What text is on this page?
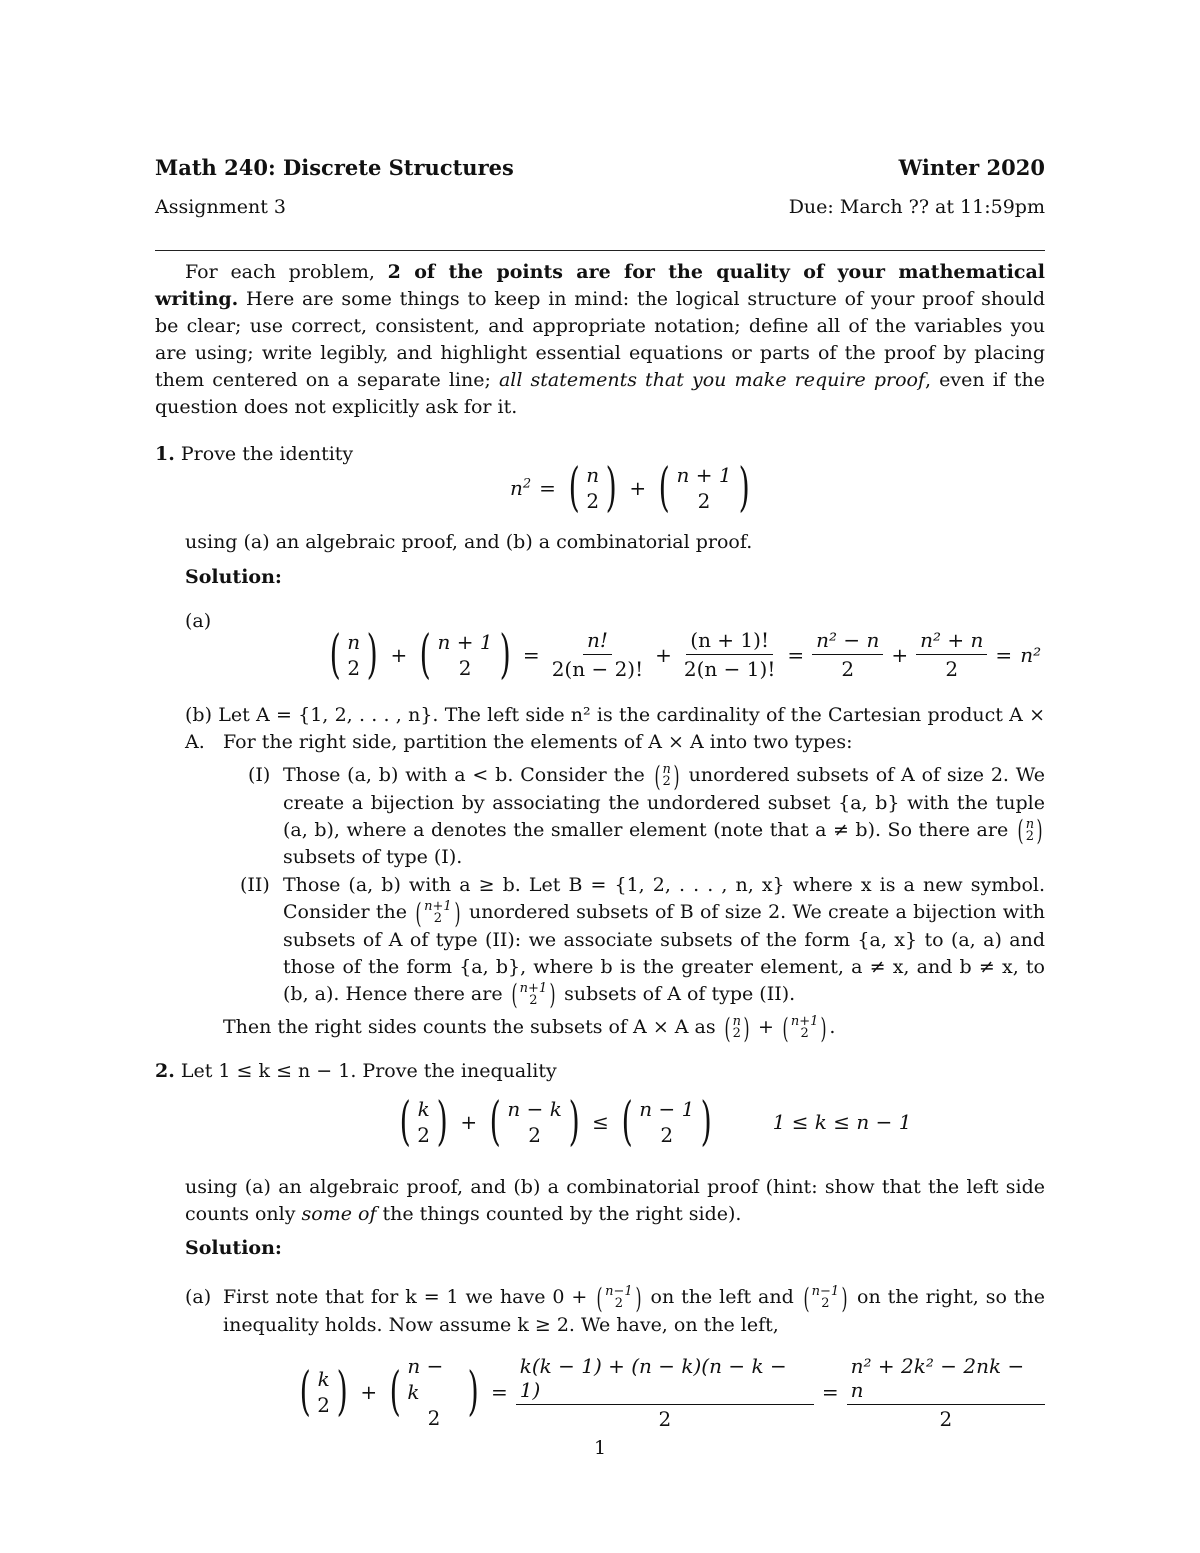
Math 240: Discrete Structures	Winter 2020
Assignment 3	Due: March ?? at 11:59pm
For each problem, 2 of the points are for the quality of your mathematical writing. Here are some things to keep in mind: the logical structure of your proof should be clear; use correct, consistent, and appropriate notation; define all of the variables you are using; write legibly, and highlight essential equations or parts of the proof by placing them centered on a separate line; all statements that you make require proof, even if the question does not explicitly ask for it.
1. Prove the identity
$n^2$ = ( n
2 ) + ( n + 1
2 )
using (a) an algebraic proof, and (b) a combinatorial proof.
Solution:
(a)
( n
2 ) + ( n + 1
2 ) = $\frac{n!}{2(n - 2)!} + \frac{(n + 1)!}{2(n - 1)!} = \frac{\text{n² − n}}{2} + \frac{\text{n² + n}}{2} = n^2$
(b) Let A = {1, 2, . . . , n}. The left side n² is the cardinality of the Cartesian product A × A. For the right side, partition the elements of A × A into two types:
(I) Those (a, b) with a < b. Consider the ( n
2 ) unordered subsets of A of size 2. We create a bijection by associating the undordered subset {a, b} with the tuple (a, b), where a denotes the smaller element (note that a ≠ b). So there are ( n
2 )
subsets of type (I).
(II) Those (a, b) with a ≥ b. Let B = {1, 2, . . . , n, x} where x is a new symbol. Consider the ( n+1
2 ) unordered subsets of B of size 2. We create a bijection with subsets of A of type (II): we associate subsets of the form {a, x} to (a, a) and those of the form {a, b}, where b is the greater element, a ≠ x, and b ≠ x, to (b, a). Hence there are ( n+1
2 ) subsets of A of type (II).
Then the right sides counts the subsets of A × A as ( n
2 ) + ( n+1
2 ) .
2. Let 1 ≤ k ≤ n − 1. Prove the inequality
( k
2 ) + ( n − k
2 ) ≤ ( n − 1
2 )	1 ≤ k ≤ n − 1
using (a) an algebraic proof, and (b) a combinatorial proof (hint: show that the left side counts only some of the things counted by the right side).
Solution:
(a) First note that for k = 1 we have 0 + ( n−1
2 ) on the left and ( n−1
2 ) on the right, so the inequality holds. Now assume k ≥ 2. We have, on the left,
( k
2 ) + ( n − k
2 ) = $\frac{k(k - 1) + (n - k)(n - k - 1)}{2} = \frac{\text{n² + 2k² − 2nk − n}}{2}$
1
